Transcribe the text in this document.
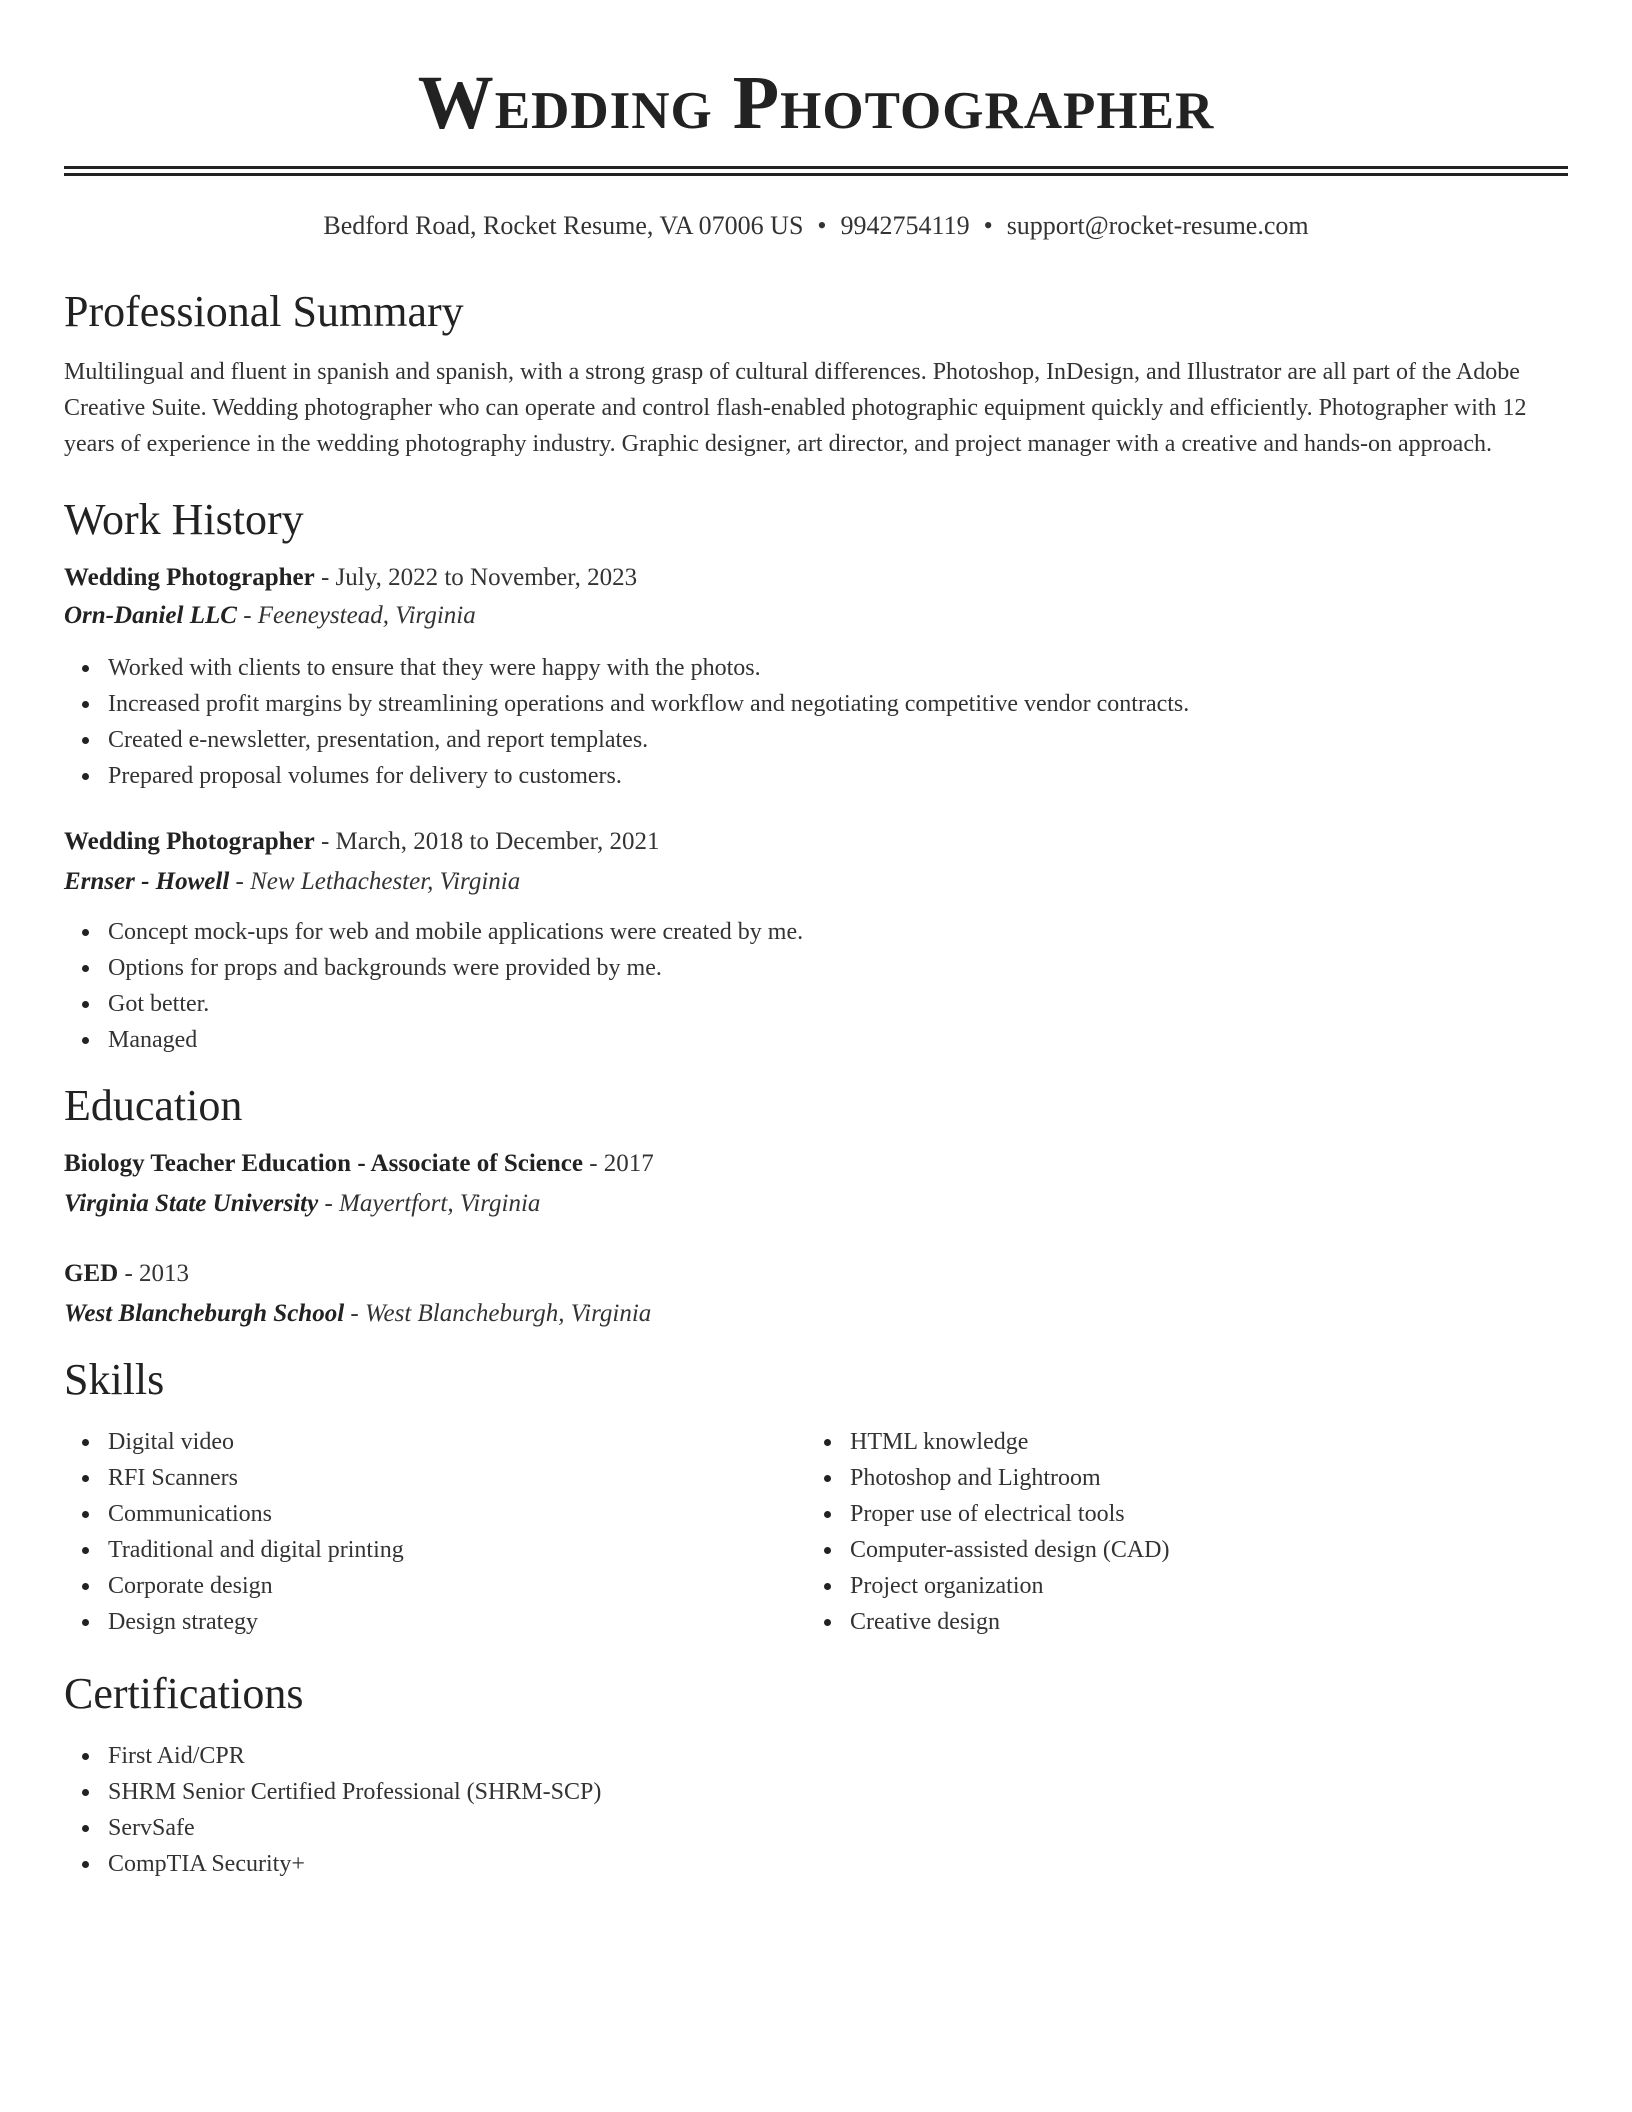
Wedding Photographer
Bedford Road, Rocket Resume, VA 07006 US • 9942754119 • support@rocket-resume.com
Professional Summary

Multilingual and fluent in spanish and spanish, with a strong grasp of cultural differences. Photoshop, InDesign, and Illustrator are all part of the Adobe Creative Suite. Wedding photographer who can operate and control flash-enabled photographic equipment quickly and efficiently. Photographer with 12 years of experience in the wedding photography industry. Graphic designer, art director, and project manager with a creative and hands-on approach.

Work History
Wedding Photographer - July, 2022 to November, 2023
Orn-Daniel LLC - Feeneystead, Virginia
Worked with clients to ensure that they were happy with the photos.
Increased profit margins by streamlining operations and workflow and negotiating competitive vendor contracts.
Created e-newsletter, presentation, and report templates.
Prepared proposal volumes for delivery to customers.
Wedding Photographer - March, 2018 to December, 2021
Ernser - Howell - New Lethachester, Virginia
Concept mock-ups for web and mobile applications were created by me.
Options for props and backgrounds were provided by me.
Got better.
Managed
Education
Biology Teacher Education - Associate of Science - 2017
Virginia State University - Mayertfort, Virginia
GED - 2013
West Blancheburgh School - West Blancheburgh, Virginia
Skills
Digital video
RFI Scanners
Communications
Traditional and digital printing
Corporate design
Design strategy
HTML knowledge
Photoshop and Lightroom
Proper use of electrical tools
Computer-assisted design (CAD)
Project organization
Creative design
Certifications
First Aid/CPR
SHRM Senior Certified Professional (SHRM-SCP)
ServSafe
CompTIA Security+
